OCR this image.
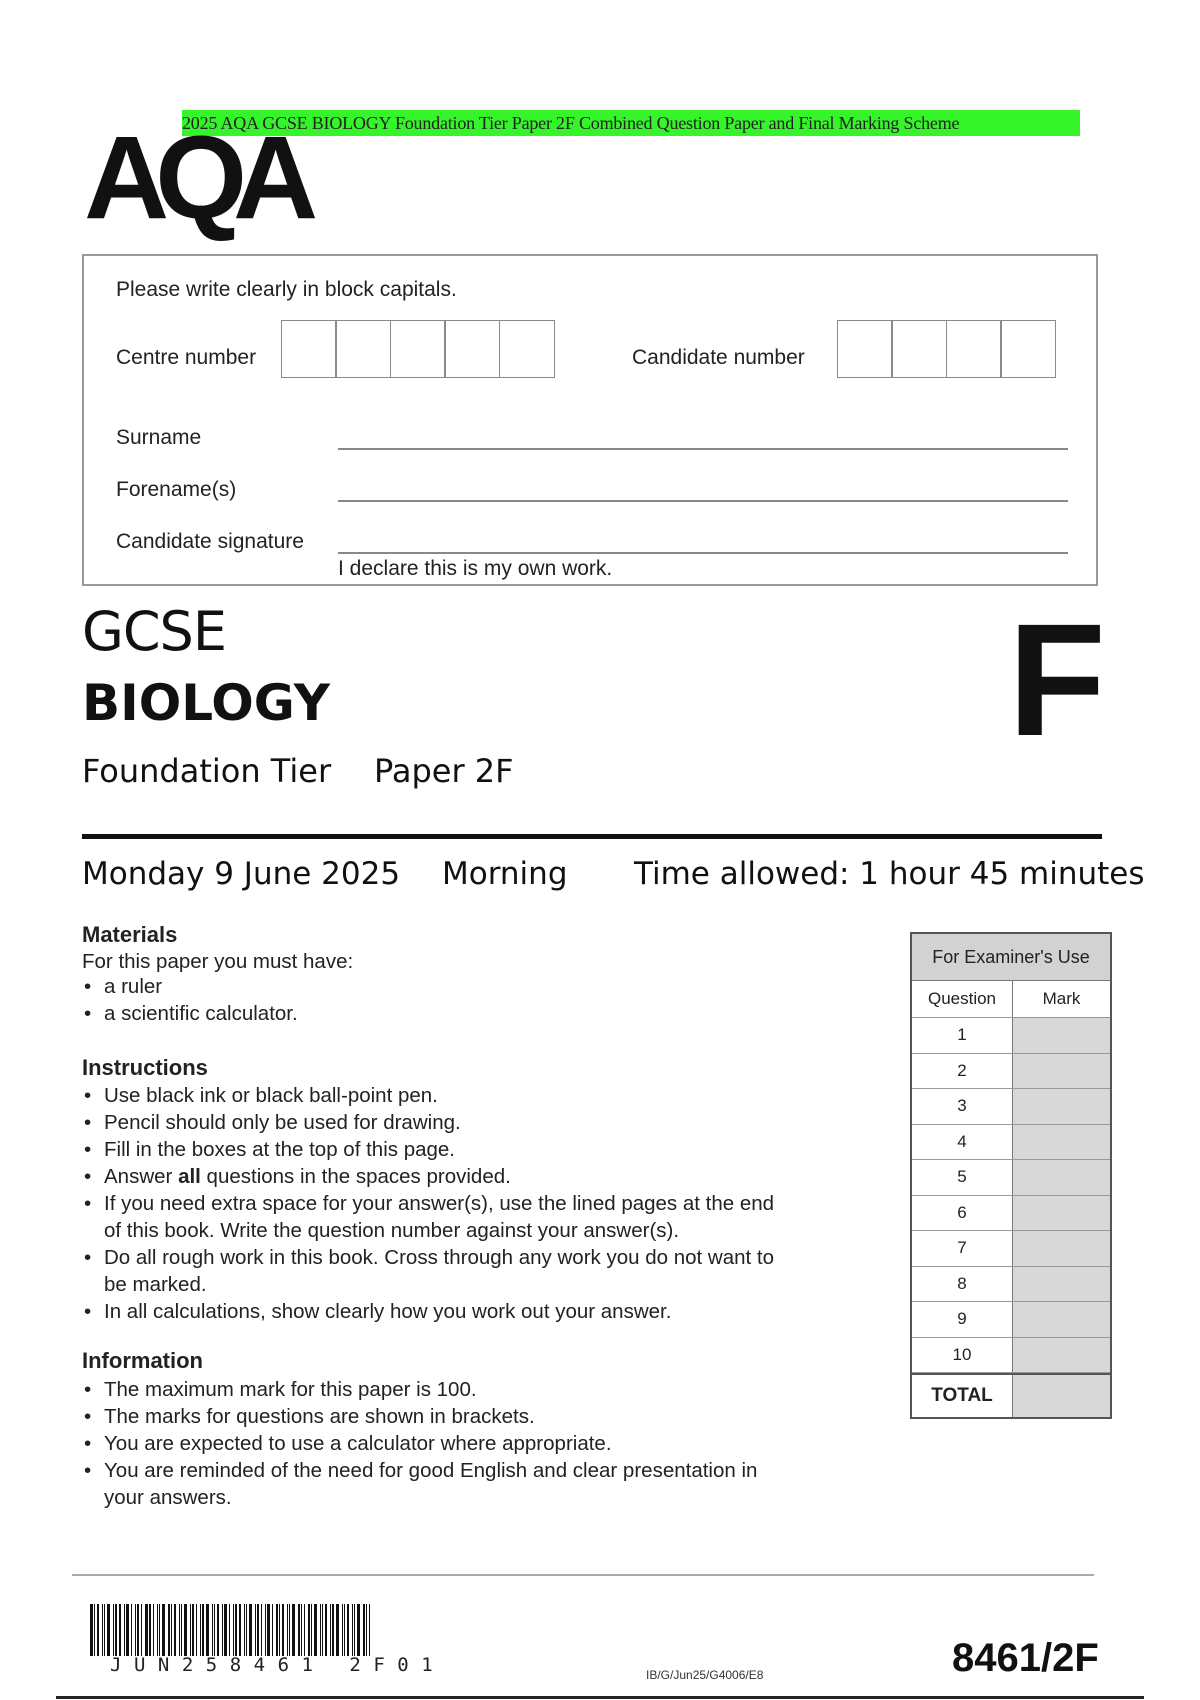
2025 AQA GCSE BIOLOGY Foundation Tier Paper 2F Combined Question Paper and Final Marking Scheme
AQA
Please write clearly in block capitals.
Centre number	Candidate number
Surname
Forename(s)
Candidate signature
I declare this is my own work.
GCSE
BIOLOGY
Foundation Tier Paper 2F
F
Monday 9 June 2025 Morning Time allowed: 1 hour 45 minutes
Materials
For this paper you must have:
• a ruler
• a scientific calculator.
Instructions
• Use black ink or black ball-point pen.
• Pencil should only be used for drawing.
• Fill in the boxes at the top of this page.
• Answer all questions in the spaces provided.
• If you need extra space for your answer(s), use the lined pages at the end of this book. Write the question number against your answer(s).
• Do all rough work in this book. Cross through any work you do not want to be marked.
• In all calculations, show clearly how you work out your answer.
Information
• The maximum mark for this paper is 100.
• The marks for questions are shown in brackets.
• You are expected to use a calculator where appropriate.
• You are reminded of the need for good English and clear presentation in your answers.
For Examiner's Use
Question	Mark
1
2
3
4
5
6
7
8
9
10
TOTAL
JUN258461 2F01	IB/G/Jun25/G4006/E8	8461/2F
